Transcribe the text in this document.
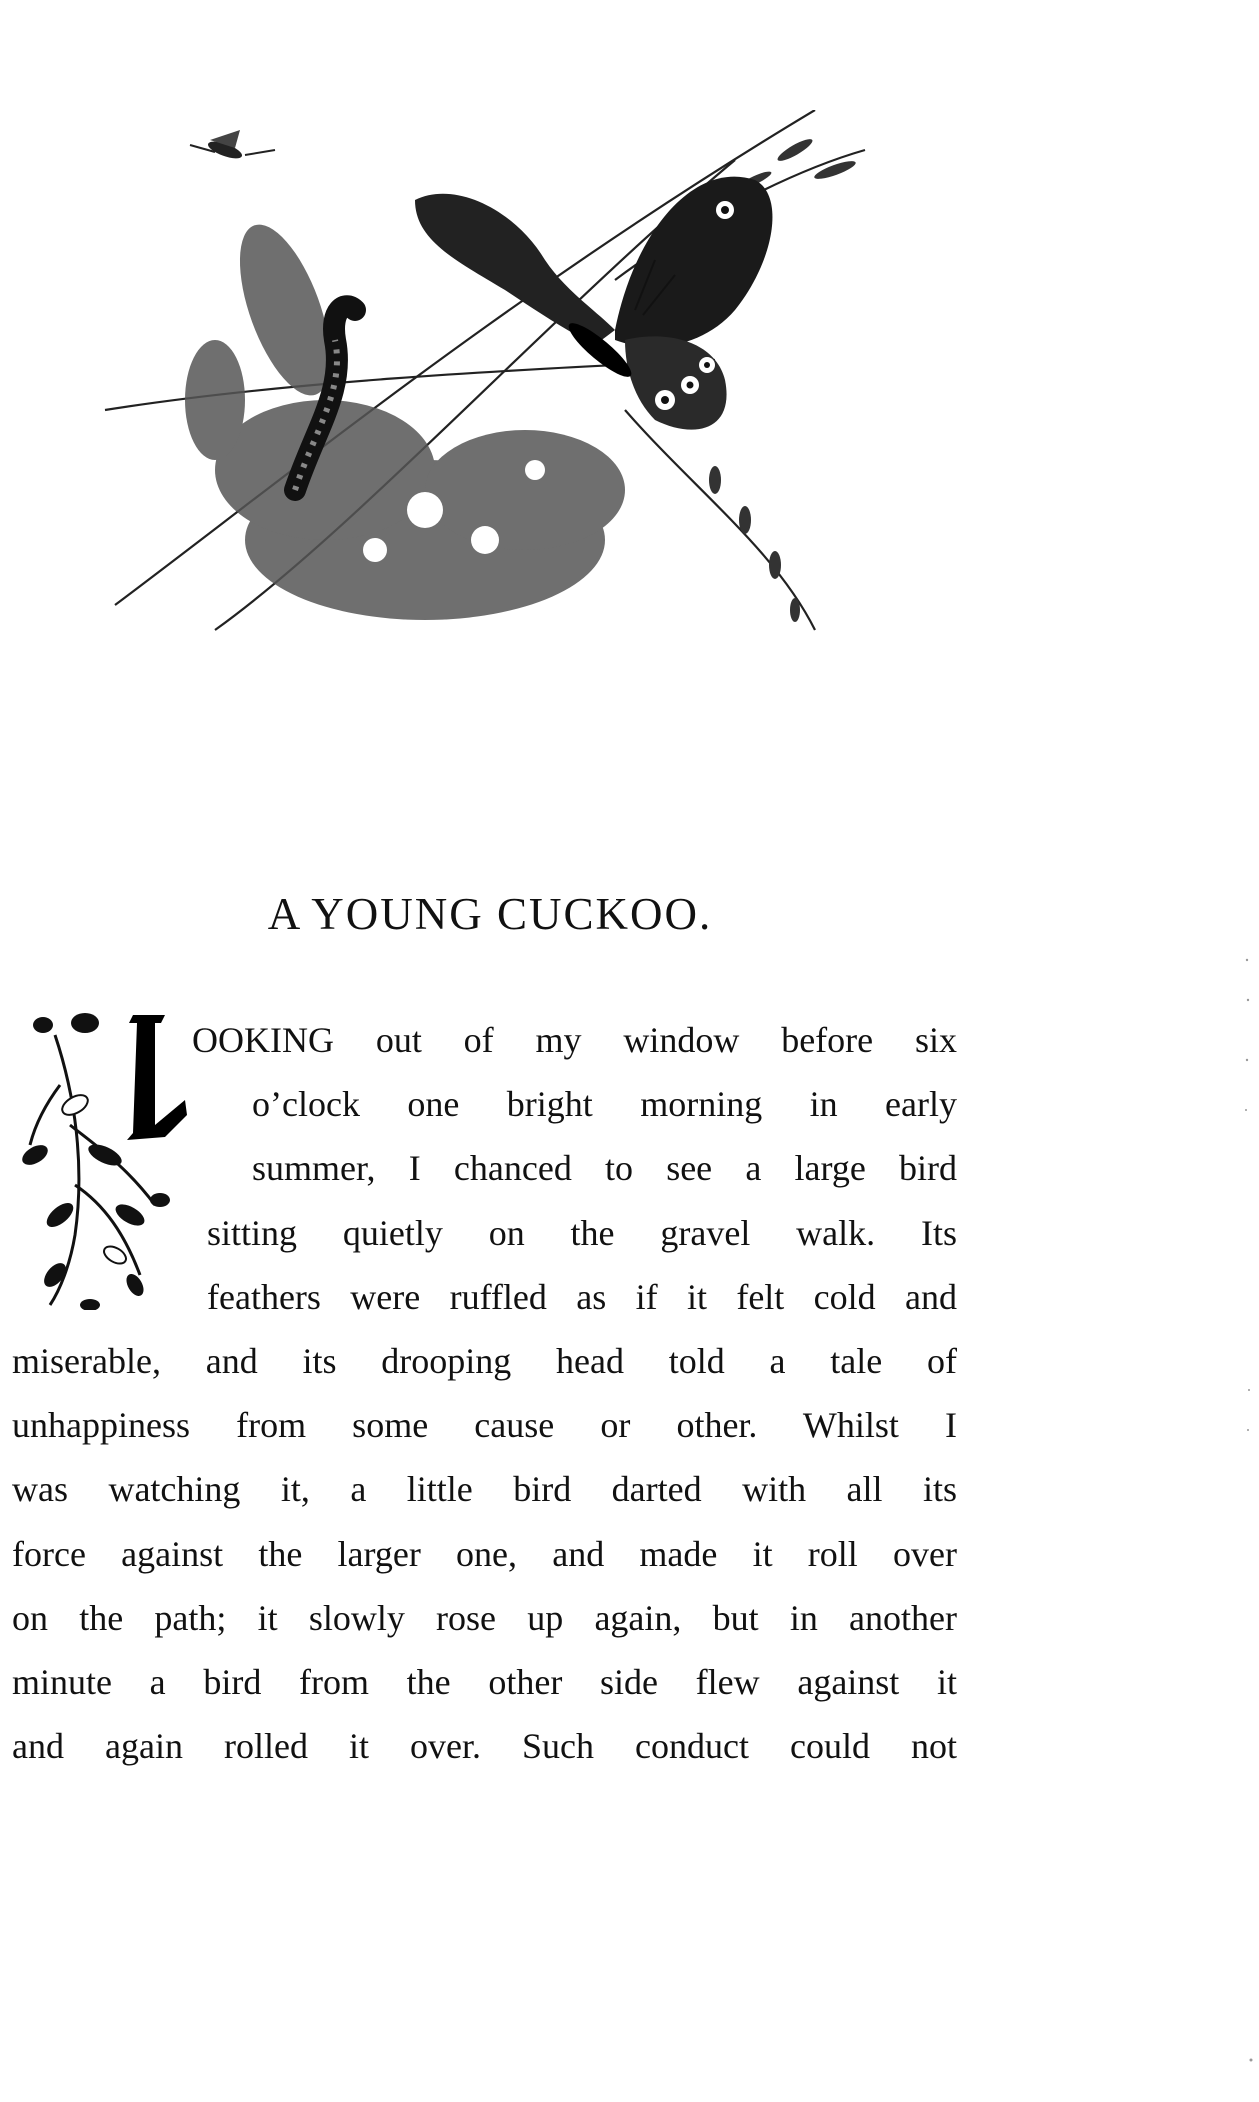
A YOUNG CUCKOO.
OOKING out of my window before six
o’clock one bright morning in early
summer, I chanced to see a large bird
sitting quietly on the gravel walk. Its
feathers were ruffled as if it felt cold and
miserable, and its drooping head told a tale of
unhappiness from some cause or other. Whilst I
was watching it, a little bird darted with all its
force against the larger one, and made it roll over
on the path; it slowly rose up again, but in another
minute a bird from the other side flew against it
and again rolled it over. Such conduct could not
